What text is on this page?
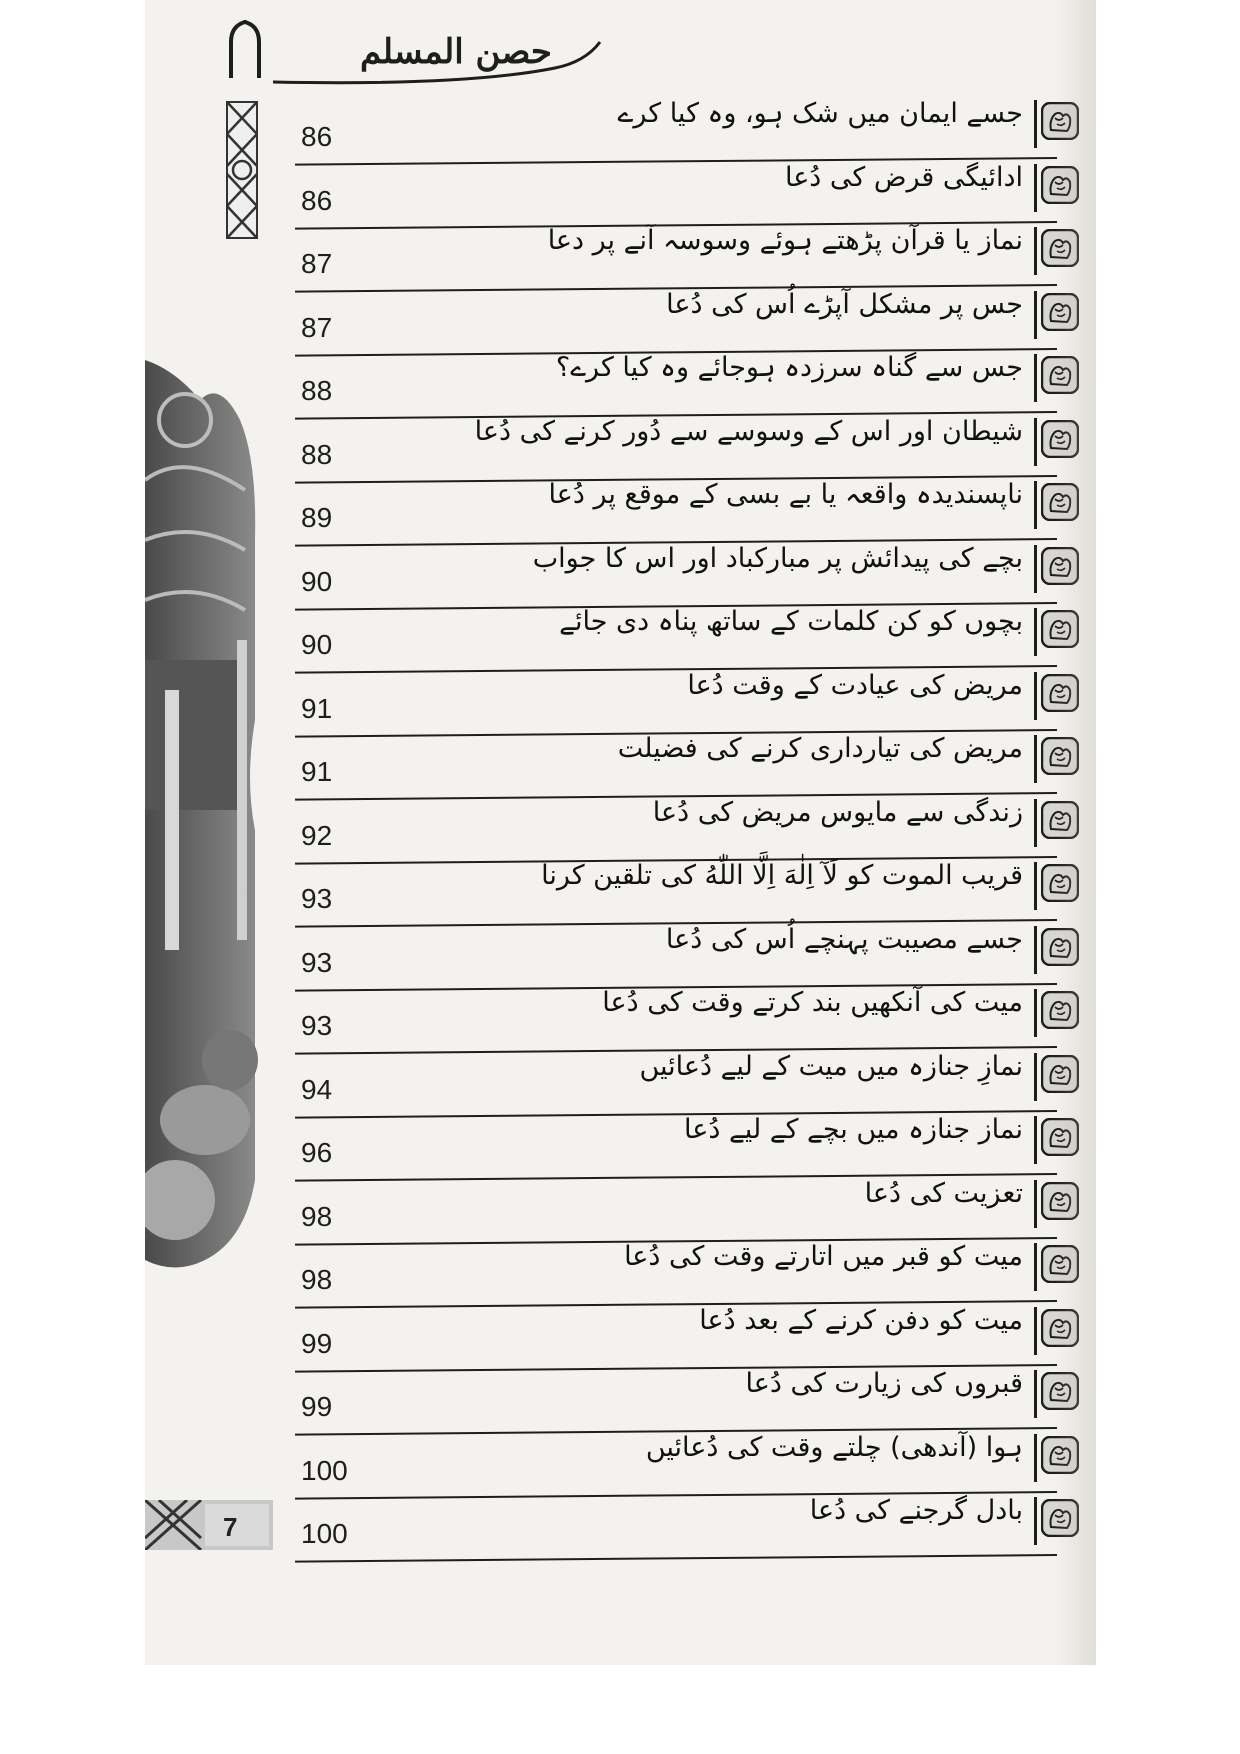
حصن المسلم
7
جسے ایمان میں شک ہو، وہ کیا کرے
86
ادائیگی قرض کی دُعا
86
نماز یا قرآن پڑھتے ہوئے وسوسہ آنے پر دعا
87
جس پر مشکل آپڑے اُس کی دُعا
87
جس سے گناہ سرزدہ ہوجائے وہ کیا کرے؟
88
شیطان اور اس کے وسوسے سے دُور کرنے کی دُعا
88
ناپسندیدہ واقعہ یا بے بسی کے موقع پر دُعا
89
بچے کی پیدائش پر مبارکباد اور اس کا جواب
90
بچوں کو کن کلمات کے ساتھ پناہ دی جائے
90
مریض کی عیادت کے وقت دُعا
91
مریض کی تیارداری کرنے کی فضیلت
91
زندگی سے مایوس مریض کی دُعا
92
قریب الموت کو لَآ اِلٰهَ اِلَّا اللّٰهُ کی تلقین کرنا
93
جسے مصیبت پہنچے اُس کی دُعا
93
میت کی آنکھیں بند کرتے وقت کی دُعا
93
نمازِ جنازہ میں میت کے لیے دُعائیں
94
نماز جنازہ میں بچے کے لیے دُعا
96
تعزیت کی دُعا
98
میت کو قبر میں اتارتے وقت کی دُعا
98
میت کو دفن کرنے کے بعد دُعا
99
قبروں کی زیارت کی دُعا
99
ہوا (آندھی) چلتے وقت کی دُعائیں
100
بادل گرجنے کی دُعا
100
